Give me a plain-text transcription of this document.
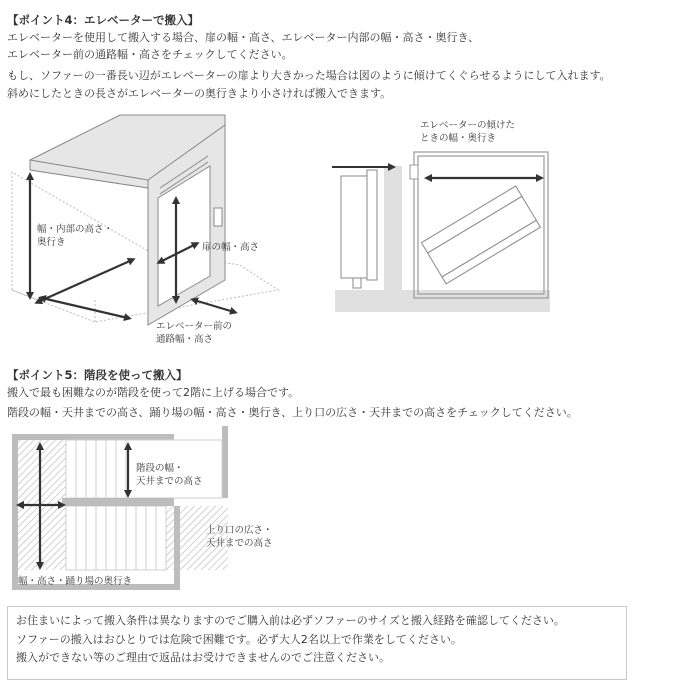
【ポイント4：エレベーターで搬入】
エレベーターを使用して搬入する場合、扉の幅・高さ、エレベーター内部の幅・高さ・奥行き、
エレベーター前の通路幅・高さをチェックしてください。
もし、ソファーの一番長い辺がエレベーターの扉より大きかった場合は図のように傾けてくぐらせるようにして入れます。
斜めにしたときの長さがエレベーターの奥行きより小さければ搬入できます。
幅・内部の高さ・
奥行き	扉の幅・高さ
エレベーター前の
通路幅・高さ
エレベーターの傾けた
ときの幅・奥行き
【ポイント5：階段を使って搬入】
搬入で最も困難なのが階段を使って2階に上げる場合です。
階段の幅・天井までの高さ、踊り場の幅・高さ・奥行き、上り口の広さ・天井までの高さをチェックしてください。
階段の幅・
天井までの高さ
上り口の広さ・
天井までの高さ
幅・高さ・踊り場の奥行き
お住まいによって搬入条件は異なりますのでご購入前は必ずソファーのサイズと搬入経路を確認してください。
ソファーの搬入はおひとりでは危険で困難です。必ず大人2名以上で作業をしてください。
搬入ができない等のご理由で返品はお受けできませんのでご注意ください。
